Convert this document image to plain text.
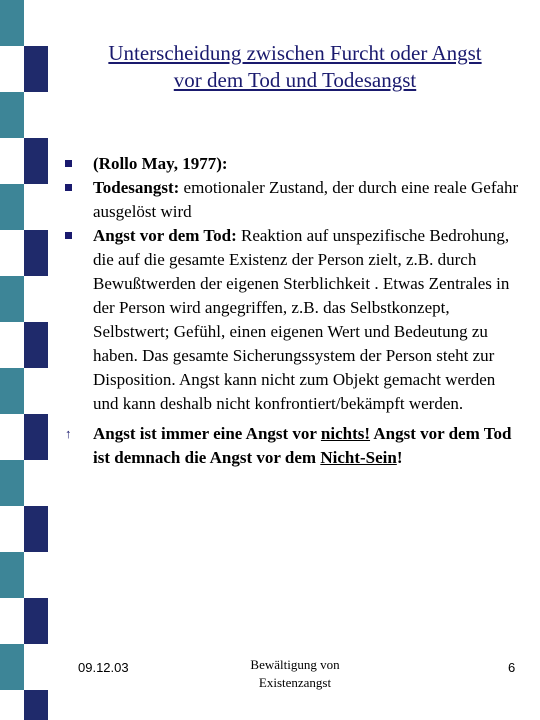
Unterscheidung zwischen Furcht oder Angst
vor dem Tod und Todesangst
(Rollo May, 1977):
Todesangst: emotionaler Zustand, der durch eine reale Gefahr ausgelöst wird
Angst vor dem Tod: Reaktion auf unspezifische Bedrohung, die auf die gesamte Existenz der Person zielt, z.B. durch Bewußtwerden der eigenen Sterblichkeit . Etwas Zentrales in der Person wird angegriffen, z.B. das Selbstkonzept, Selbstwert; Gefühl, einen eigenen Wert und Bedeutung zu haben. Das gesamte Sicherungssystem der Person steht zur Disposition. Angst kann nicht zum Objekt gemacht werden und kann deshalb nicht konfrontiert/bekämpft werden.
↑ Angst ist immer eine Angst vor nichts! Angst vor dem Tod ist demnach die Angst vor dem Nicht-Sein!
09.12.03	Bewältigung von
Existenzangst
6
